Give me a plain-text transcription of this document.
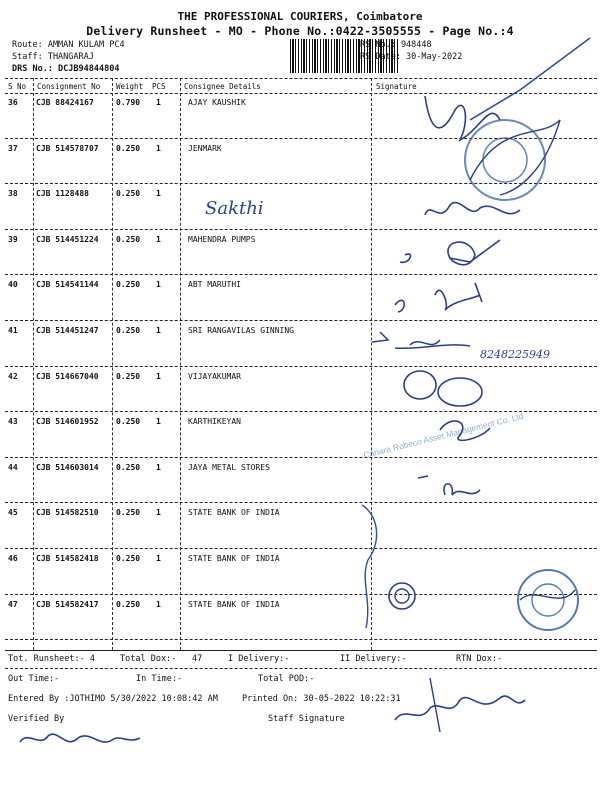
THE PROFESSIONAL COURIERS, Coimbatore
Delivery Runsheet - MO - Phone No.:0422-3505555 - Page No.:4
Route: AMMAN KULAM PC4
Staff: THANGARAJ
DRS No.: DCJB94844804
RS No.: 948448
RS Date: 30-May-2022
S No Consignment No Weight PCS Consignee Details	Signature
36 CJB 88424167	0.790 1	AJAY KAUSHIK
37 CJB 514578707 0.250 1	JENMARK
38 CJB 1128488	0.250 1
39 CJB 514451224 0.250 1	MAHENDRA PUMPS
40 CJB 514541144 0.250 1	ABT MARUTHI
41 CJB 514451247 0.250 1	SRI RANGAVILAS GINNING
42 CJB 514667040 0.250 1	VIJAYAKUMAR
43 CJB 514601952 0.250 1	KARTHIKEYAN
44 CJB 514603014 0.250 1	JAYA METAL STORES
45 CJB 514582510 0.250 1	STATE BANK OF INDIA
46 CJB 514582418 0.250 1	STATE BANK OF INDIA
47 CJB 514582417 0.250 1	STATE BANK OF INDIA
Tot. Runsheet:- 4	Total Dox:- 47	I Delivery:-	II Delivery:-	RTN Dox:-
Out Time:-	In Time:-	Total POD:-
Entered By :JOTHIMO 5/30/2022 10:08:42 AM	Printed On: 30-05-2022 10:22:31
Verified By	Staff Signature
Sakthi
8248225949
Canara Robeco Asset Management Co. Ltd
